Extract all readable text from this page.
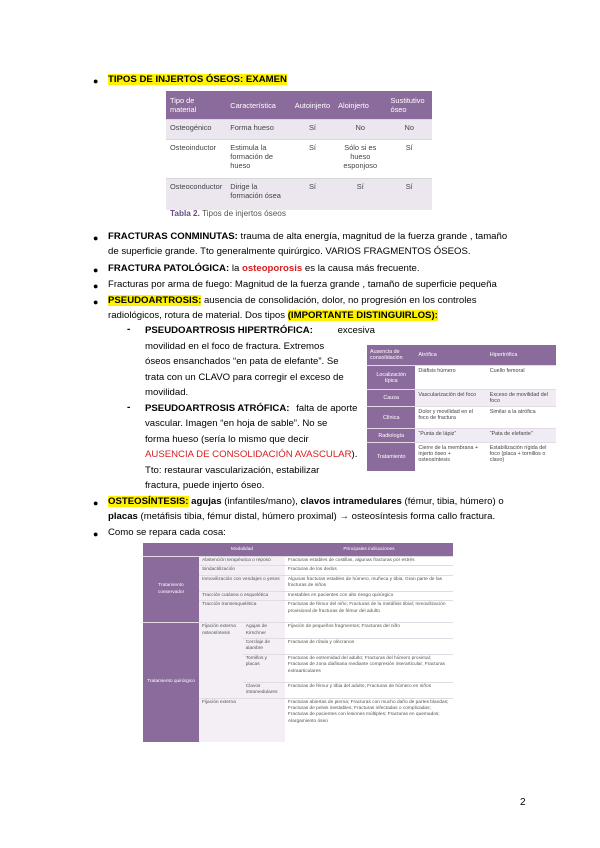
● TIPOS DE INJERTOS ÓSEOS: EXAMEN
Tipo de material	Característica	Autoinjerto	Aloinjerto	Sustitutivo óseo
Osteogénico	Forma hueso	Sí	No	No
Osteoinductor	Estimula la formación de hueso	Sí	Sólo si es hueso esponjoso	Sí
Osteoconductor	Dirige la formación ósea	Sí	Sí	Sí
Tabla 2. Tipos de injertos óseos
● FRACTURAS CONMINUTAS: trauma de alta energía, magnitud de la fuerza grande , tamaño
de superficie grande. Tto generalmente quirúrgico. VARIOS FRAGMENTOS ÓSEOS.
● FRACTURA PATOLÓGICA: la osteoporosis es la causa más frecuente.
● Fracturas por arma de fuego: Magnitud de la fuerza grande , tamaño de superficie pequeña
● PSEUDOARTROSIS: ausencia de consolidación, dolor, no progresión en los controles
radiológicos, rotura de material. Dos tipos (IMPORTANTE DISTINGUIRLOS):
- PSEUDOARTROSIS HIPERTRÓFICA:	excesiva
movilidad en el foco de fractura. Extremos
óseos ensanchados “en pata de elefante”. Se
trata con un CLAVO para corregir el exceso de
movilidad.
- PSEUDOARTROSIS ATRÓFICA: falta de aporte
vascular. Imagen “en hoja de sable”. No se
forma hueso (sería lo mismo que decir
AUSENCIA DE CONSOLIDACIÓN AVASCULAR).
Tto: restaurar vascularización, estabilizar
fractura, puede injerto óseo.
Ausencia de consolidación	Atrófica	Hipertrófica
Localización típica	Diáfisis húmero	Cuello femoral
Causa	Vascularización del foco	Exceso de movilidad del foco
Clínica	Dolor y movilidad en el foco de fractura	Similar a la atrófica
Radiología	“Punta de lápiz”	“Pata de elefante”
Tratamiento	Cierre de la membrana + injerto óseo + osteosíntesis	Estabilización rígida del foco (placa + tornillos o clavo)
● OSTEOSÍNTESIS: agujas (infantiles/mano), clavos intramedulares (fémur, tibia, húmero) o
placas (metáfisis tibia, fémur distal, húmero proximal) → osteosíntesis forma callo fractura.
● Como se repara cada cosa:
	Modalidad		Principales indicaciones
Tratamiento conservador	Abstención terapéutica o reposo		Fracturas estables de costillas, algunas fracturas por estrés
	Sindactilización		Fracturas de los dedos
	Inmovilización con vendajes o yesos		Algunas fracturas estables de húmero, muñeca y tibia; Gran parte de las fracturas de niños
	Tracción cutánea o esquelética		Inestables en pacientes con alto riesgo quirúrgico
	Tracción transesquelética		Fracturas de fémur del niño; Fracturas de la metáfisis tibial; Inmovilización provisional de fracturas de fémur del adulto
Tratamiento quirúrgico	Fijación externa osteosíntesis	Agujas de Kirschner	Fijación de pequeños fragmentos; Fracturas del niño
		Cerclaje de alambre	Fracturas de rótula y olécranon
		Tornillos y placas	Fracturas de extremidad del adulto; Fracturas del húmero proximal; Fracturas de zona diafisaria mediante compresión interarticular; Fracturas extraarticulares
		Clavos intramedulares	Fracturas de fémur y tibia del adulto; Fracturas de húmero en niños
	Fijación externa		Fracturas abiertas de pierna; Fracturas con mucho daño de partes blandas; Fracturas de pelvis inestables; Fracturas infectadas o complicadas; Fracturas de pacientes con lesiones múltiples; Fracturas en quemados; Alargamiento óseo
2
